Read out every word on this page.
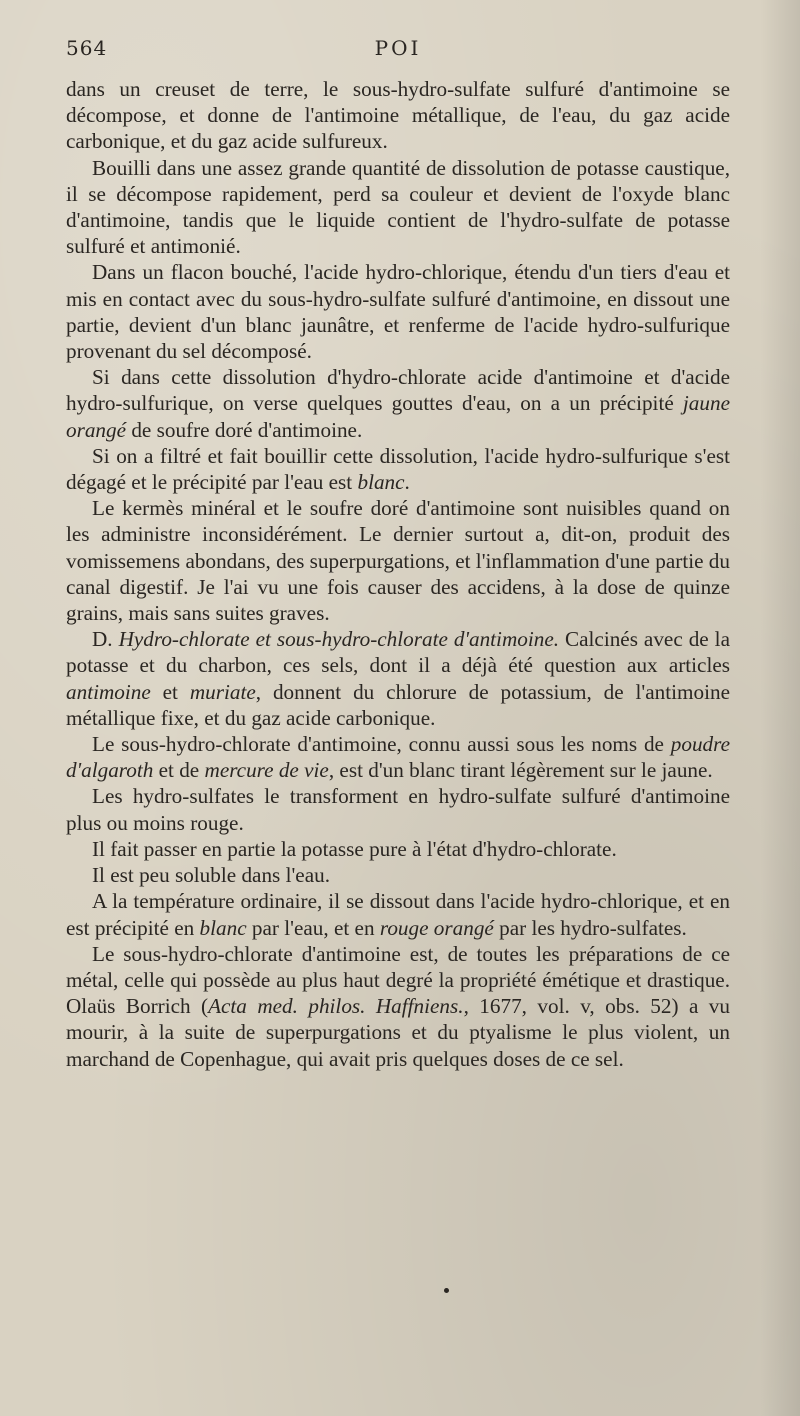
564	POI

dans un creuset de terre, le sous-hydro-sulfate sulfuré d'antimoine se décompose, et donne de l'antimoine métallique, de l'eau, du gaz acide carbonique, et du gaz acide sulfureux.

Bouilli dans une assez grande quantité de dissolution de potasse caustique, il se décompose rapidement, perd sa couleur et devient de l'oxyde blanc d'antimoine, tandis que le liquide contient de l'hydro-sulfate de potasse sulfuré et antimonié.

Dans un flacon bouché, l'acide hydro-chlorique, étendu d'un tiers d'eau et mis en contact avec du sous-hydro-sulfate sulfuré d'antimoine, en dissout une partie, devient d'un blanc jaunâtre, et renferme de l'acide hydro-sulfurique provenant du sel décomposé.

Si dans cette dissolution d'hydro-chlorate acide d'antimoine et d'acide hydro-sulfurique, on verse quelques gouttes d'eau, on a un précipité jaune orangé de soufre doré d'antimoine.

Si on a filtré et fait bouillir cette dissolution, l'acide hydro-sulfurique s'est dégagé et le précipité par l'eau est blanc.

Le kermès minéral et le soufre doré d'antimoine sont nuisibles quand on les administre inconsidérément. Le dernier surtout a, dit-on, produit des vomissemens abondans, des superpurgations, et l'inflammation d'une partie du canal digestif. Je l'ai vu une fois causer des accidens, à la dose de quinze grains, mais sans suites graves.

D. Hydro-chlorate et sous-hydro-chlorate d'antimoine. Calcinés avec de la potasse et du charbon, ces sels, dont il a déjà été question aux articles antimoine et muriate, donnent du chlorure de potassium, de l'antimoine métallique fixe, et du gaz acide carbonique.

Le sous-hydro-chlorate d'antimoine, connu aussi sous les noms de poudre d'algaroth et de mercure de vie, est d'un blanc tirant légèrement sur le jaune.

Les hydro-sulfates le transforment en hydro-sulfate sulfuré d'antimoine plus ou moins rouge.

Il fait passer en partie la potasse pure à l'état d'hydro-chlorate.

Il est peu soluble dans l'eau.

A la température ordinaire, il se dissout dans l'acide hydro-chlorique, et en est précipité en blanc par l'eau, et en rouge orangé par les hydro-sulfates.

Le sous-hydro-chlorate d'antimoine est, de toutes les préparations de ce métal, celle qui possède au plus haut degré la propriété émétique et drastique. Olaüs Borrich (Acta med. philos. Haffniens., 1677, vol. v, obs. 52) a vu mourir, à la suite de superpurgations et du ptyalisme le plus violent, un marchand de Copenhague, qui avait pris quelques doses de ce sel.
